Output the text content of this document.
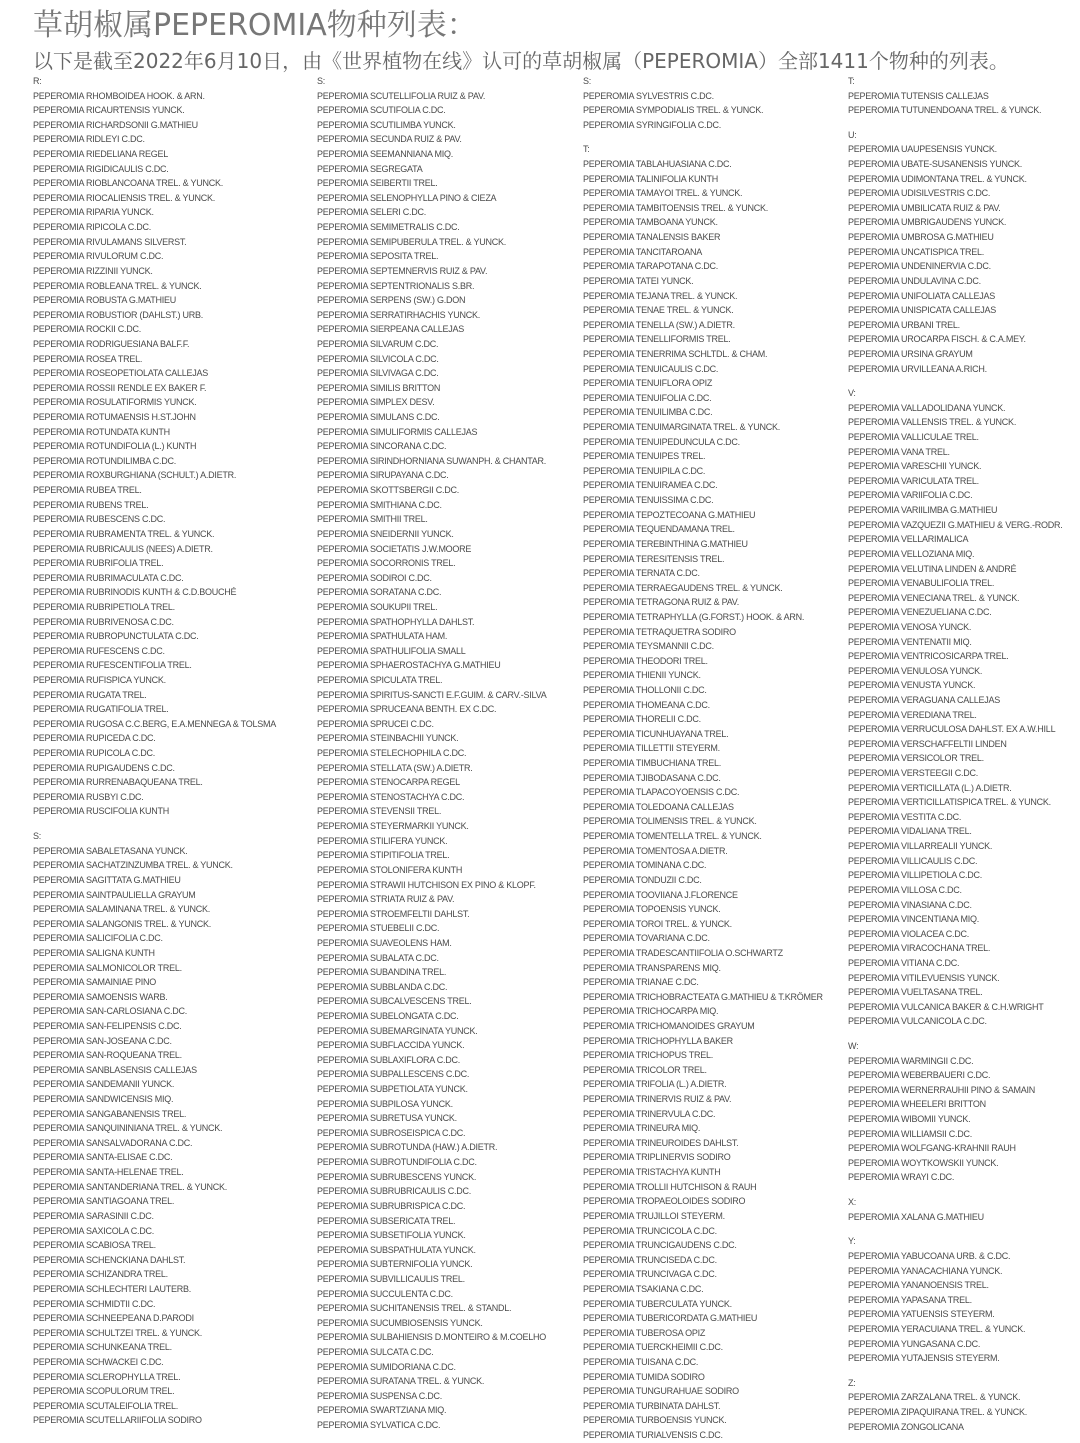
草胡椒属PEPEROMIA物种列表：

以下是截至2022年6月10日，由《世界植物在线》认可的草胡椒属（PEPEROMIA）全部1411个物种的列表。

R:
PEPEROMIA RHOMBOIDEA HOOK. & ARN.
PEPEROMIA RICAURTENSIS YUNCK.
PEPEROMIA RICHARDSONII G.MATHIEU
PEPEROMIA RIDLEYI C.DC.
PEPEROMIA RIEDELIANA REGEL
PEPEROMIA RIGIDICAULIS C.DC.
PEPEROMIA RIOBLANCOANA TREL. & YUNCK.
PEPEROMIA RIOCALIENSIS TREL. & YUNCK.
PEPEROMIA RIPARIA YUNCK.
PEPEROMIA RIPICOLA C.DC.
PEPEROMIA RIVULAMANS SILVERST.
PEPEROMIA RIVULORUM C.DC.
PEPEROMIA RIZZINII YUNCK.
PEPEROMIA ROBLEANA TREL. & YUNCK.
PEPEROMIA ROBUSTA G.MATHIEU
PEPEROMIA ROBUSTIOR (DAHLST.) URB.
PEPEROMIA ROCKII C.DC.
PEPEROMIA RODRIGUESIANA BALF.F.
PEPEROMIA ROSEA TREL.
PEPEROMIA ROSEOPETIOLATA CALLEJAS
PEPEROMIA ROSSII RENDLE EX BAKER F.
PEPEROMIA ROSULATIFORMIS YUNCK.
PEPEROMIA ROTUMAENSIS H.ST.JOHN
PEPEROMIA ROTUNDATA KUNTH
PEPEROMIA ROTUNDIFOLIA (L.) KUNTH
PEPEROMIA ROTUNDILIMBA C.DC.
PEPEROMIA ROXBURGHIANA (SCHULT.) A.DIETR.
PEPEROMIA RUBEA TREL.
PEPEROMIA RUBENS TREL.
PEPEROMIA RUBESCENS C.DC.
PEPEROMIA RUBRAMENTA TREL. & YUNCK.
PEPEROMIA RUBRICAULIS (NEES) A.DIETR.
PEPEROMIA RUBRIFOLIA TREL.
PEPEROMIA RUBRIMACULATA C.DC.
PEPEROMIA RUBRINODIS KUNTH & C.D.BOUCHÉ
PEPEROMIA RUBRIPETIOLA TREL.
PEPEROMIA RUBRIVENOSA C.DC.
PEPEROMIA RUBROPUNCTULATA C.DC.
PEPEROMIA RUFESCENS C.DC.
PEPEROMIA RUFESCENTIFOLIA TREL.
PEPEROMIA RUFISPICA YUNCK.
PEPEROMIA RUGATA TREL.
PEPEROMIA RUGATIFOLIA TREL.
PEPEROMIA RUGOSA C.C.BERG, E.A.MENNEGA & TOLSMA
PEPEROMIA RUPICEDA C.DC.
PEPEROMIA RUPICOLA C.DC.
PEPEROMIA RUPIGAUDENS C.DC.
PEPEROMIA RURRENABAQUEANA TREL.
PEPEROMIA RUSBYI C.DC.
PEPEROMIA RUSCIFOLIA KUNTH
S:
PEPEROMIA SABALETASANA YUNCK.
PEPEROMIA SACHATZINZUMBA TREL. & YUNCK.
PEPEROMIA SAGITTATA G.MATHIEU
PEPEROMIA SAINTPAULIELLA GRAYUM
PEPEROMIA SALAMINANA TREL. & YUNCK.
PEPEROMIA SALANGONIS TREL. & YUNCK.
PEPEROMIA SALICIFOLIA C.DC.
PEPEROMIA SALIGNA KUNTH
PEPEROMIA SALMONICOLOR TREL.
PEPEROMIA SAMAINIAE PINO
PEPEROMIA SAMOENSIS WARB.
PEPEROMIA SAN-CARLOSIANA C.DC.
PEPEROMIA SAN-FELIPENSIS C.DC.
PEPEROMIA SAN-JOSEANA C.DC.
PEPEROMIA SAN-ROQUEANA TREL.
PEPEROMIA SANBLASENSIS CALLEJAS
PEPEROMIA SANDEMANII YUNCK.
PEPEROMIA SANDWICENSIS MIQ.
PEPEROMIA SANGABANENSIS TREL.
PEPEROMIA SANQUININIANA TREL. & YUNCK.
PEPEROMIA SANSALVADORANA C.DC.
PEPEROMIA SANTA-ELISAE C.DC.
PEPEROMIA SANTA-HELENAE TREL.
PEPEROMIA SANTANDERIANA TREL. & YUNCK.
PEPEROMIA SANTIAGOANA TREL.
PEPEROMIA SARASINII C.DC.
PEPEROMIA SAXICOLA C.DC.
PEPEROMIA SCABIOSA TREL.
PEPEROMIA SCHENCKIANA DAHLST.
PEPEROMIA SCHIZANDRA TREL.
PEPEROMIA SCHLECHTERI LAUTERB.
PEPEROMIA SCHMIDTII C.DC.
PEPEROMIA SCHNEEPEANA D.PARODI
PEPEROMIA SCHULTZEI TREL. & YUNCK.
PEPEROMIA SCHUNKEANA TREL.
PEPEROMIA SCHWACKEI C.DC.
PEPEROMIA SCLEROPHYLLA TREL.
PEPEROMIA SCOPULORUM TREL.
PEPEROMIA SCUTALEIFOLIA TREL.
PEPEROMIA SCUTELLARIIFOLIA SODIRO
S:
PEPEROMIA SCUTELLIFOLIA RUIZ & PAV.
PEPEROMIA SCUTIFOLIA C.DC.
PEPEROMIA SCUTILIMBA YUNCK.
PEPEROMIA SECUNDA RUIZ & PAV.
PEPEROMIA SEEMANNIANA MIQ.
PEPEROMIA SEGREGATA
PEPEROMIA SEIBERTII TREL.
PEPEROMIA SELENOPHYLLA PINO & CIEZA
PEPEROMIA SELERI C.DC.
PEPEROMIA SEMIMETRALIS C.DC.
PEPEROMIA SEMIPUBERULA TREL. & YUNCK.
PEPEROMIA SEPOSITA TREL.
PEPEROMIA SEPTEMNERVIS RUIZ & PAV.
PEPEROMIA SEPTENTRIONALIS S.BR.
PEPEROMIA SERPENS (SW.) G.DON
PEPEROMIA SERRATIRHACHIS YUNCK.
PEPEROMIA SIERPEANA CALLEJAS
PEPEROMIA SILVARUM C.DC.
PEPEROMIA SILVICOLA C.DC.
PEPEROMIA SILVIVAGA C.DC.
PEPEROMIA SIMILIS BRITTON
PEPEROMIA SIMPLEX DESV.
PEPEROMIA SIMULANS C.DC.
PEPEROMIA SIMULIFORMIS CALLEJAS
PEPEROMIA SINCORANA C.DC.
PEPEROMIA SIRINDHORNIANA SUWANPH. & CHANTAR.
PEPEROMIA SIRUPAYANA C.DC.
PEPEROMIA SKOTTSBERGII C.DC.
PEPEROMIA SMITHIANA C.DC.
PEPEROMIA SMITHII TREL.
PEPEROMIA SNEIDERNII YUNCK.
PEPEROMIA SOCIETATIS J.W.MOORE
PEPEROMIA SOCORRONIS TREL.
PEPEROMIA SODIROI C.DC.
PEPEROMIA SORATANA C.DC.
PEPEROMIA SOUKUPII TREL.
PEPEROMIA SPATHOPHYLLA DAHLST.
PEPEROMIA SPATHULATA HAM.
PEPEROMIA SPATHULIFOLIA SMALL
PEPEROMIA SPHAEROSTACHYA G.MATHIEU
PEPEROMIA SPICULATA TREL.
PEPEROMIA SPIRITUS-SANCTI E.F.GUIM. & CARV.-SILVA
PEPEROMIA SPRUCEANA BENTH. EX C.DC.
PEPEROMIA SPRUCEI C.DC.
PEPEROMIA STEINBACHII YUNCK.
PEPEROMIA STELECHOPHILA C.DC.
PEPEROMIA STELLATA (SW.) A.DIETR.
PEPEROMIA STENOCARPA REGEL
PEPEROMIA STENOSTACHYA C.DC.
PEPEROMIA STEVENSII TREL.
PEPEROMIA STEYERMARKII YUNCK.
PEPEROMIA STILIFERA YUNCK.
PEPEROMIA STIPITIFOLIA TREL.
PEPEROMIA STOLONIFERA KUNTH
PEPEROMIA STRAWII HUTCHISON EX PINO & KLOPF.
PEPEROMIA STRIATA RUIZ & PAV.
PEPEROMIA STROEMFELTII DAHLST.
PEPEROMIA STUEBELII C.DC.
PEPEROMIA SUAVEOLENS HAM.
PEPEROMIA SUBALATA C.DC.
PEPEROMIA SUBANDINA TREL.
PEPEROMIA SUBBLANDA C.DC.
PEPEROMIA SUBCALVESCENS TREL.
PEPEROMIA SUBELONGATA C.DC.
PEPEROMIA SUBEMARGINATA YUNCK.
PEPEROMIA SUBFLACCIDA YUNCK.
PEPEROMIA SUBLAXIFLORA C.DC.
PEPEROMIA SUBPALLESCENS C.DC.
PEPEROMIA SUBPETIOLATA YUNCK.
PEPEROMIA SUBPILOSA YUNCK.
PEPEROMIA SUBRETUSA YUNCK.
PEPEROMIA SUBROSEISPICA C.DC.
PEPEROMIA SUBROTUNDA (HAW.) A.DIETR.
PEPEROMIA SUBROTUNDIFOLIA C.DC.
PEPEROMIA SUBRUBESCENS YUNCK.
PEPEROMIA SUBRUBRICAULIS C.DC.
PEPEROMIA SUBRUBRISPICA C.DC.
PEPEROMIA SUBSERICATA TREL.
PEPEROMIA SUBSETIFOLIA YUNCK.
PEPEROMIA SUBSPATHULATA YUNCK.
PEPEROMIA SUBTERNIFOLIA YUNCK.
PEPEROMIA SUBVILLICAULIS TREL.
PEPEROMIA SUCCULENTA C.DC.
PEPEROMIA SUCHITANENSIS TREL. & STANDL.
PEPEROMIA SUCUMBIOSENSIS YUNCK.
PEPEROMIA SULBAHIENSIS D.MONTEIRO & M.COELHO
PEPEROMIA SULCATA C.DC.
PEPEROMIA SUMIDORIANA C.DC.
PEPEROMIA SURATANA TREL. & YUNCK.
PEPEROMIA SUSPENSA C.DC.
PEPEROMIA SWARTZIANA MIQ.
PEPEROMIA SYLVATICA C.DC.
S:
PEPEROMIA SYLVESTRIS C.DC.
PEPEROMIA SYMPODIALIS TREL. & YUNCK.
PEPEROMIA SYRINGIFOLIA C.DC.
T:
PEPEROMIA TABLAHUASIANA C.DC.
PEPEROMIA TALINIFOLIA KUNTH
PEPEROMIA TAMAYOI TREL. & YUNCK.
PEPEROMIA TAMBITOENSIS TREL. & YUNCK.
PEPEROMIA TAMBOANA YUNCK.
PEPEROMIA TANALENSIS BAKER
PEPEROMIA TANCITAROANA
PEPEROMIA TARAPOTANA C.DC.
PEPEROMIA TATEI YUNCK.
PEPEROMIA TEJANA TREL. & YUNCK.
PEPEROMIA TENAE TREL. & YUNCK.
PEPEROMIA TENELLA (SW.) A.DIETR.
PEPEROMIA TENELLIFORMIS TREL.
PEPEROMIA TENERRIMA SCHLTDL. & CHAM.
PEPEROMIA TENUICAULIS C.DC.
PEPEROMIA TENUIFLORA OPIZ
PEPEROMIA TENUIFOLIA C.DC.
PEPEROMIA TENUILIMBA C.DC.
PEPEROMIA TENUIMARGINATA TREL. & YUNCK.
PEPEROMIA TENUIPEDUNCULA C.DC.
PEPEROMIA TENUIPES TREL.
PEPEROMIA TENUIPILA C.DC.
PEPEROMIA TENUIRAMEA C.DC.
PEPEROMIA TENUISSIMA C.DC.
PEPEROMIA TEPOZTECOANA G.MATHIEU
PEPEROMIA TEQUENDAMANA TREL.
PEPEROMIA TEREBINTHINA G.MATHIEU
PEPEROMIA TERESITENSIS TREL.
PEPEROMIA TERNATA C.DC.
PEPEROMIA TERRAEGAUDENS TREL. & YUNCK.
PEPEROMIA TETRAGONA RUIZ & PAV.
PEPEROMIA TETRAPHYLLA (G.FORST.) HOOK. & ARN.
PEPEROMIA TETRAQUETRA SODIRO
PEPEROMIA TEYSMANNII C.DC.
PEPEROMIA THEODORI TREL.
PEPEROMIA THIENII YUNCK.
PEPEROMIA THOLLONII C.DC.
PEPEROMIA THOMEANA C.DC.
PEPEROMIA THORELII C.DC.
PEPEROMIA TICUNHUAYANA TREL.
PEPEROMIA TILLETTII STEYERM.
PEPEROMIA TIMBUCHIANA TREL.
PEPEROMIA TJIBODASANA C.DC.
PEPEROMIA TLAPACOYOENSIS C.DC.
PEPEROMIA TOLEDOANA CALLEJAS
PEPEROMIA TOLIMENSIS TREL. & YUNCK.
PEPEROMIA TOMENTELLA TREL. & YUNCK.
PEPEROMIA TOMENTOSA A.DIETR.
PEPEROMIA TOMINANA C.DC.
PEPEROMIA TONDUZII C.DC.
PEPEROMIA TOOVIIANA J.FLORENCE
PEPEROMIA TOPOENSIS YUNCK.
PEPEROMIA TOROI TREL. & YUNCK.
PEPEROMIA TOVARIANA C.DC.
PEPEROMIA TRADESCANTIIFOLIA O.SCHWARTZ
PEPEROMIA TRANSPARENS MIQ.
PEPEROMIA TRIANAE C.DC.
PEPEROMIA TRICHOBRACTEATA G.MATHIEU & T.KRÖMER
PEPEROMIA TRICHOCARPA MIQ.
PEPEROMIA TRICHOMANOIDES GRAYUM
PEPEROMIA TRICHOPHYLLA BAKER
PEPEROMIA TRICHOPUS TREL.
PEPEROMIA TRICOLOR TREL.
PEPEROMIA TRIFOLIA (L.) A.DIETR.
PEPEROMIA TRINERVIS RUIZ & PAV.
PEPEROMIA TRINERVULA C.DC.
PEPEROMIA TRINEURA MIQ.
PEPEROMIA TRINEUROIDES DAHLST.
PEPEROMIA TRIPLINERVIS SODIRO
PEPEROMIA TRISTACHYA KUNTH
PEPEROMIA TROLLII HUTCHISON & RAUH
PEPEROMIA TROPAEOLOIDES SODIRO
PEPEROMIA TRUJILLOI STEYERM.
PEPEROMIA TRUNCICOLA C.DC.
PEPEROMIA TRUNCIGAUDENS C.DC.
PEPEROMIA TRUNCISEDA C.DC.
PEPEROMIA TRUNCIVAGA C.DC.
PEPEROMIA TSAKIANA C.DC.
PEPEROMIA TUBERCULATA YUNCK.
PEPEROMIA TUBERICORDATA G.MATHIEU
PEPEROMIA TUBEROSA OPIZ
PEPEROMIA TUERCKHEIMII C.DC.
PEPEROMIA TUISANA C.DC.
PEPEROMIA TUMIDA SODIRO
PEPEROMIA TUNGURAHUAE SODIRO
PEPEROMIA TURBINATA DAHLST.
PEPEROMIA TURBOENSIS YUNCK.
PEPEROMIA TURIALVENSIS C.DC.
T:
PEPEROMIA TUTENSIS CALLEJAS
PEPEROMIA TUTUNENDOANA TREL. & YUNCK.
U:
PEPEROMIA UAUPESENSIS YUNCK.
PEPEROMIA UBATE-SUSANENSIS YUNCK.
PEPEROMIA UDIMONTANA TREL. & YUNCK.
PEPEROMIA UDISILVESTRIS C.DC.
PEPEROMIA UMBILICATA RUIZ & PAV.
PEPEROMIA UMBRIGAUDENS YUNCK.
PEPEROMIA UMBROSA G.MATHIEU
PEPEROMIA UNCATISPICA TREL.
PEPEROMIA UNDENINERVIA C.DC.
PEPEROMIA UNDULAVINA C.DC.
PEPEROMIA UNIFOLIATA CALLEJAS
PEPEROMIA UNISPICATA CALLEJAS
PEPEROMIA URBANI TREL.
PEPEROMIA UROCARPA FISCH. & C.A.MEY.
PEPEROMIA URSINA GRAYUM
PEPEROMIA URVILLEANA A.RICH.
V:
PEPEROMIA VALLADOLIDANA YUNCK.
PEPEROMIA VALLENSIS TREL. & YUNCK.
PEPEROMIA VALLICULAE TREL.
PEPEROMIA VANA TREL.
PEPEROMIA VARESCHII YUNCK.
PEPEROMIA VARICULATA TREL.
PEPEROMIA VARIIFOLIA C.DC.
PEPEROMIA VARIILIMBA G.MATHIEU
PEPEROMIA VAZQUEZII G.MATHIEU & VERG.-RODR.
PEPEROMIA VELLARIMALICA
PEPEROMIA VELLOZIANA MIQ.
PEPEROMIA VELUTINA LINDEN & ANDRÉ
PEPEROMIA VENABULIFOLIA TREL.
PEPEROMIA VENECIANA TREL. & YUNCK.
PEPEROMIA VENEZUELIANA C.DC.
PEPEROMIA VENOSA YUNCK.
PEPEROMIA VENTENATII MIQ.
PEPEROMIA VENTRICOSICARPA TREL.
PEPEROMIA VENULOSA YUNCK.
PEPEROMIA VENUSTA YUNCK.
PEPEROMIA VERAGUANA CALLEJAS
PEPEROMIA VEREDIANA TREL.
PEPEROMIA VERRUCULOSA DAHLST. EX A.W.HILL
PEPEROMIA VERSCHAFFELTII LINDEN
PEPEROMIA VERSICOLOR TREL.
PEPEROMIA VERSTEEGII C.DC.
PEPEROMIA VERTICILLATA (L.) A.DIETR.
PEPEROMIA VERTICILLATISPICA TREL. & YUNCK.
PEPEROMIA VESTITA C.DC.
PEPEROMIA VIDALIANA TREL.
PEPEROMIA VILLARREALII YUNCK.
PEPEROMIA VILLICAULIS C.DC.
PEPEROMIA VILLIPETIOLA C.DC.
PEPEROMIA VILLOSA C.DC.
PEPEROMIA VINASIANA C.DC.
PEPEROMIA VINCENTIANA MIQ.
PEPEROMIA VIOLACEA C.DC.
PEPEROMIA VIRACOCHANA TREL.
PEPEROMIA VITIANA C.DC.
PEPEROMIA VITILEVUENSIS YUNCK.
PEPEROMIA VUELTASANA TREL.
PEPEROMIA VULCANICA BAKER & C.H.WRIGHT
PEPEROMIA VULCANICOLA C.DC.
W:
PEPEROMIA WARMINGII C.DC.
PEPEROMIA WEBERBAUERI C.DC.
PEPEROMIA WERNERRAUHII PINO & SAMAIN
PEPEROMIA WHEELERI BRITTON
PEPEROMIA WIBOMII YUNCK.
PEPEROMIA WILLIAMSII C.DC.
PEPEROMIA WOLFGANG-KRAHNII RAUH
PEPEROMIA WOYTKOWSKII YUNCK.
PEPEROMIA WRAYI C.DC.
X:
PEPEROMIA XALANA G.MATHIEU
Y:
PEPEROMIA YABUCOANA URB. & C.DC.
PEPEROMIA YANACACHIANA YUNCK.
PEPEROMIA YANANOENSIS TREL.
PEPEROMIA YAPASANA TREL.
PEPEROMIA YATUENSIS STEYERM.
PEPEROMIA YERACUIANA TREL. & YUNCK.
PEPEROMIA YUNGASANA C.DC.
PEPEROMIA YUTAJENSIS STEYERM.
Z:
PEPEROMIA ZARZALANA TREL. & YUNCK.
PEPEROMIA ZIPAQUIRANA TREL. & YUNCK.
PEPEROMIA ZONGOLICANA
